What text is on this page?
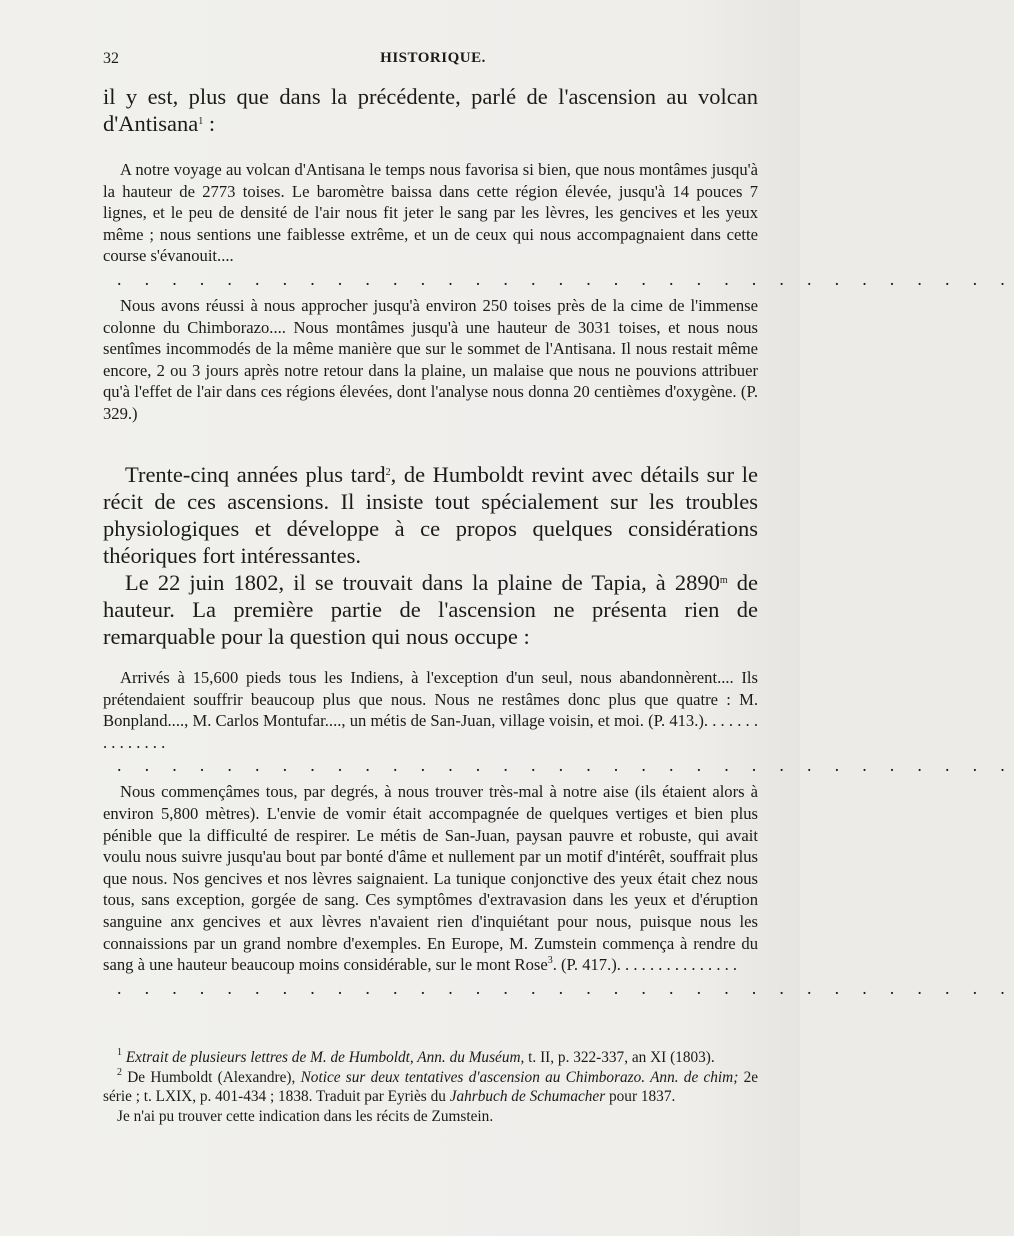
32	HISTORIQUE.

il y est, plus que dans la précédente, parlé de l'ascension au volcan d'Antisana$^1$ :

A notre voyage au volcan d'Antisana le temps nous favorisa si bien, que nous montâmes jusqu'à la hauteur de 2773 toises. Le baromètre baissa dans cette région élevée, jusqu'à 14 pouces 7 lignes, et le peu de densité de l'air nous fit jeter le sang par les lèvres, les gencives et les yeux même ; nous sentions une faiblesse extrême, et un de ceux qui nous accompagnaient dans cette course s'évanouit....

. . . . . . . . . . . . . . . . . . . . . . . . . . . . . . . . .

Nous avons réussi à nous approcher jusqu'à environ 250 toises près de la cime de l'immense colonne du Chimborazo.... Nous montâmes jusqu'à une hauteur de 3031 toises, et nous nous sentîmes incommodés de la même manière que sur le sommet de l'Antisana. Il nous restait même encore, 2 ou 3 jours après notre retour dans la plaine, un malaise que nous ne pouvions attribuer qu'à l'effet de l'air dans ces régions élevées, dont l'analyse nous donna 20 centièmes d'oxygène. (P. 329.)

Trente-cinq années plus tard$^2$, de Humboldt revint avec détails sur le récit de ces ascensions. Il insiste tout spécialement sur les troubles physiologiques et développe à ce propos quelques considérations théoriques fort intéressantes.

Le 22 juin 1802, il se trouvait dans la plaine de Tapia, à 2890$^m$ de hauteur. La première partie de l'ascension ne présenta rien de remarquable pour la question qui nous occupe :

Arrivés à 15,600 pieds tous les Indiens, à l'exception d'un seul, nous abandonnèrent.... Ils prétendaient souffrir beaucoup plus que nous. Nous ne restâmes donc plus que quatre : M. Bonpland...., M. Carlos Montufar...., un métis de San-Juan, village voisin, et moi. (P. 413.). . . . . . . . . . . . . . .

. . . . . . . . . . . . . . . . . . . . . . . . . . . . . . . . .

Nous commençâmes tous, par degrés, à nous trouver très-mal à notre aise (ils étaient alors à environ 5,800 mètres). L'envie de vomir était accompagnée de quelques vertiges et bien plus pénible que la difficulté de respirer. Le métis de San-Juan, paysan pauvre et robuste, qui avait voulu nous suivre jusqu'au bout par bonté d'âme et nullement par un motif d'intérêt, souffrait plus que nous. Nos gencives et nos lèvres saignaient. La tunique conjonctive des yeux était chez nous tous, sans exception, gorgée de sang. Ces symptômes d'extravasion dans les yeux et d'éruption sanguine anx gencives et aux lèvres n'avaient rien d'inquiétant pour nous, puisque nous les connaissions par un grand nombre d'exemples. En Europe, M. Zumstein commença à rendre du sang à une hauteur beaucoup moins considérable, sur le mont Rose$^3$. (P. 417.). . . . . . . . . . . . . . .

. . . . . . . . . . . . . . . . . . . . . . . . . . . . . . . . .

$^1$ Extrait de plusieurs lettres de M. de Humboldt, Ann. du Muséum, t. II, p. 322-337, an XI (1803).

$^2$ De Humboldt (Alexandre), Notice sur deux tentatives d'ascension au Chimborazo. Ann. de chim; 2e série ; t. LXIX, p. 401-434 ; 1838. Traduit par Eyriès du Jahrbuch de Schumacher pour 1837.

Je n'ai pu trouver cette indication dans les récits de Zumstein.
